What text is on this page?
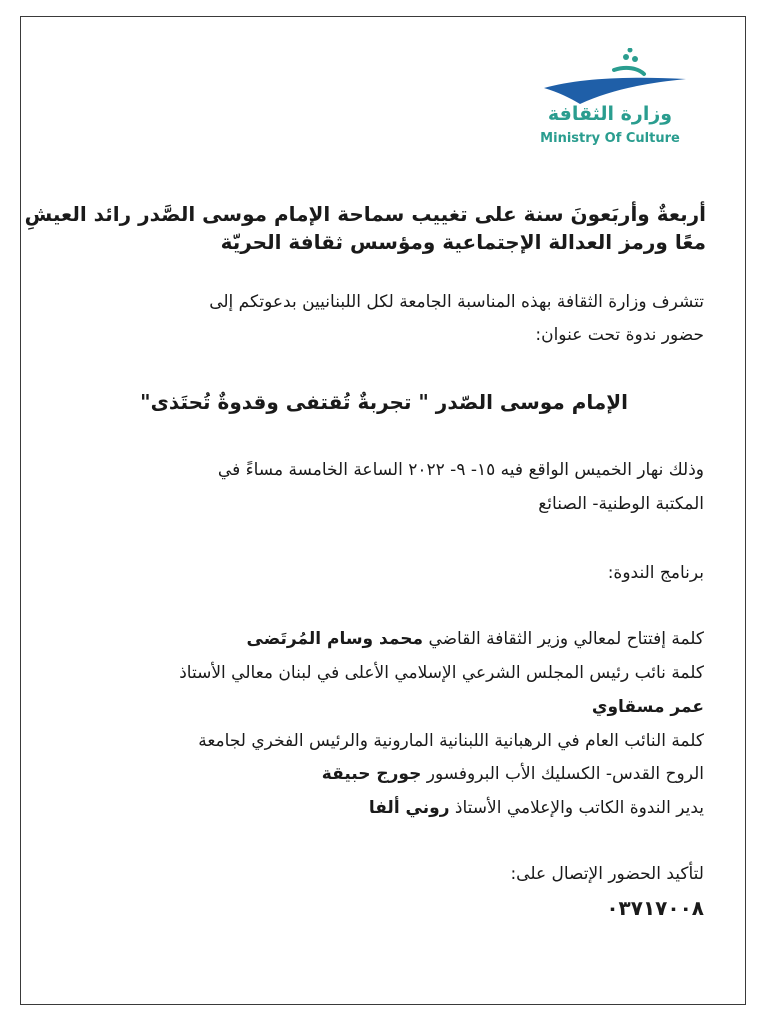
وزارة الثقافة
Ministry Of Culture
أربعةٌ وأربَعونَ سنة على تغييب سماحة الإمام موسى الصَّدر رائد العيشِ
معًا ورمز العدالة الإجتماعية ومؤسس ثقافة الحريّة
تتشرف وزارة الثقافة بهذه المناسبة الجامعة لكل اللبنانيين بدعوتكم إلى
حضور ندوة تحت عنوان:
الإمام موسى الصّدر " تجربةٌ تُقتفى وقدوةٌ تُحتَذى"
وذلك نهار الخميس الواقع فيه ١٥- ٩- ٢٠٢٢ الساعة الخامسة مساءً في
المكتبة الوطنية- الصنائع
برنامج الندوة:
كلمة إفتتاح لمعالي وزير الثقافة القاضي محمد وسام المُرتَضى
كلمة نائب رئيس المجلس الشرعي الإسلامي الأعلى في لبنان معالي الأستاذ
عمر مسقاوي
كلمة النائب العام في الرهبانية اللبنانية المارونية والرئيس الفخري لجامعة
الروح القدس- الكسليك الأب البروفسور جورج حبيقة
يدير الندوة الكاتب والإعلامي الأستاذ روني ألفا
لتأكيد الحضور الإتصال على:
٠٣٧١٧٠٠٨
